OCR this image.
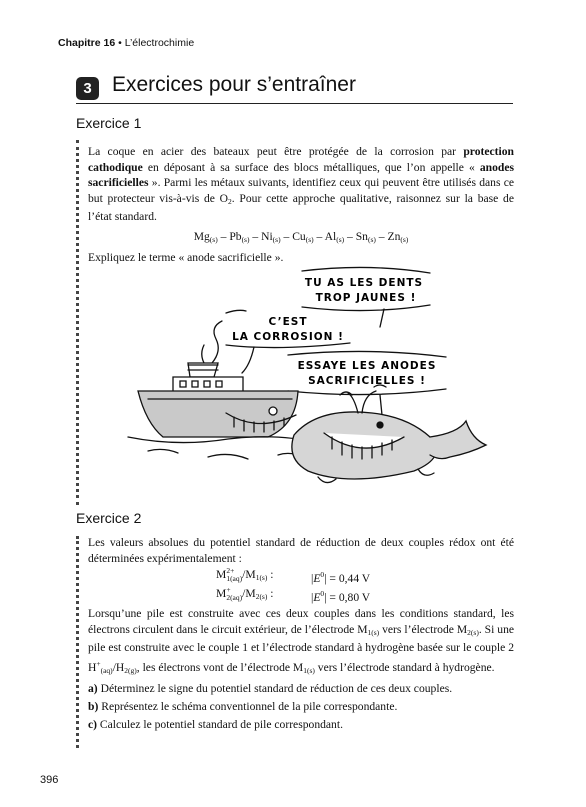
Chapitre 16 • L’électrochimie
3 Exercices pour s’entraîner
Exercice 1

La coque en acier des bateaux peut être protégée de la corrosion par protection cathodique en déposant à sa surface des blocs métalliques, que l’on appelle « anodes sacrificielles ». Parmi les métaux suivants, identifiez ceux qui peuvent être utilisés dans ce but protecteur vis-à-vis de $O_2$. Pour cette approche qualitative, raisonnez sur la base de l’état standard.

$Mg_{(s)} - Pb_{(s)} - Ni_{(s)} - Cu_{(s)} - Al_{(s)} - Sn_{(s)} - Zn_{(s)}$

Expliquez le terme « anode sacrificielle ».

TU AS LES DENTS
TROP JAUNES !
C’EST
LA CORROSION !
ESSAYE LES ANODES
SACRIFICIELLES !
Exercice 2

Les valeurs absolues du potentiel standard de réduction de deux couples rédox ont été déterminées expérimentalement :

M 2+
1(aq) $/M_{1(s)}$ :	$|E^0| = 0,44$ V
M +
2(aq) $/M_{2(s)}$ :	$|E^0| = 0,80$ V

Lorsqu’une pile est construite avec ces deux couples dans les conditions standard, les électrons circulent dans le circuit extérieur, de l’électrode $M_{1(s)}$ vers l’électrode $M_{2(s)}$. Si une pile est construite avec le couple 1 et l’électrode standard à hydrogène basée sur le couple 2 $H^+_{(aq)}/H_{2(g)}$, les électrons vont de l’électrode $M_{1(s)}$ vers l’électrode standard à hydrogène.

a) Déterminez le signe du potentiel standard de réduction de ces deux couples.

b) Représentez le schéma conventionnel de la pile correspondante.

c) Calculez le potentiel standard de pile correspondant.

396
